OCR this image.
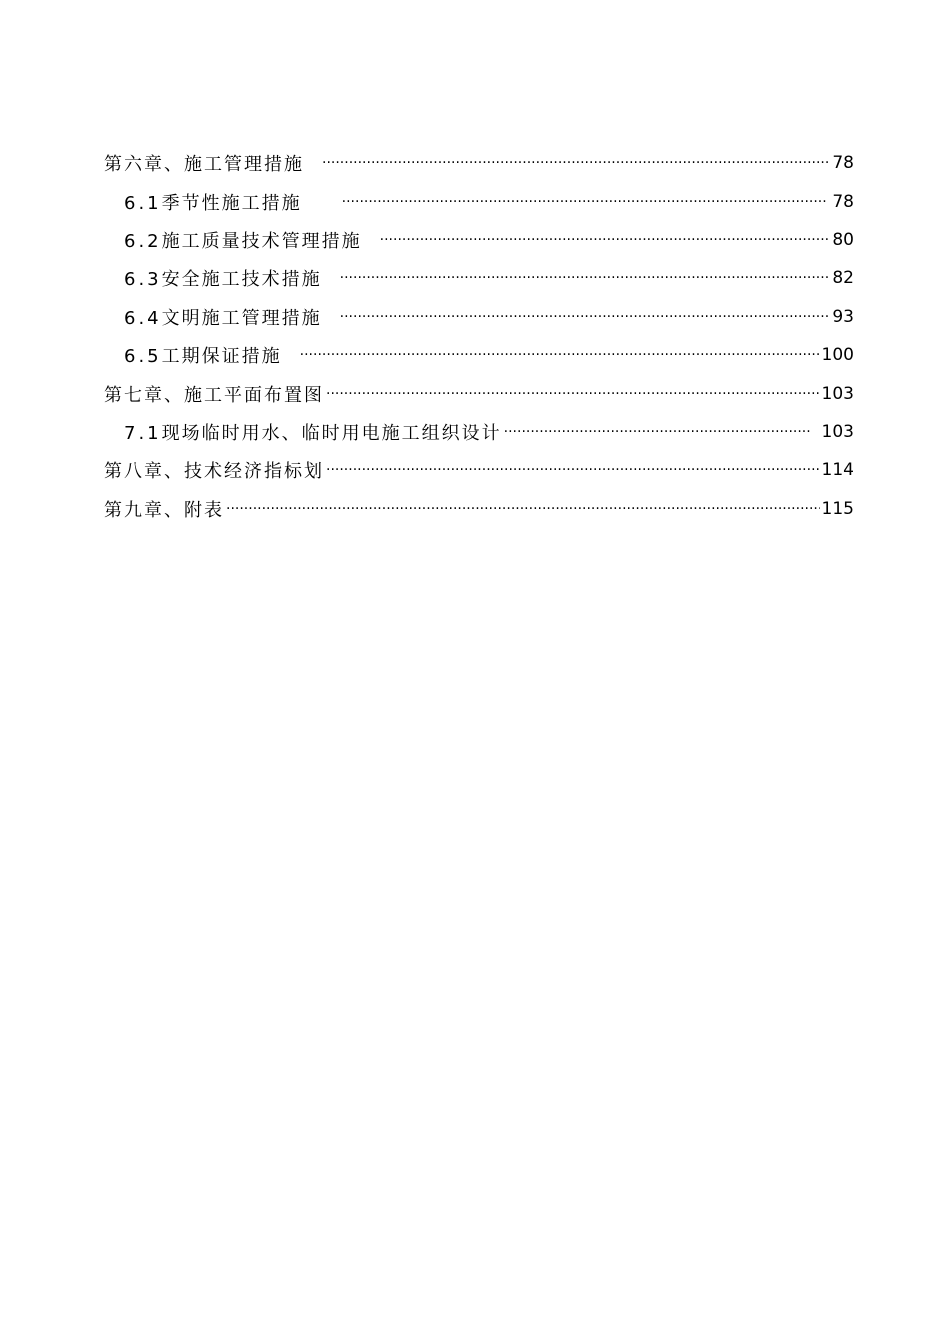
第六章、施工管理措施 ·····	78
6.1季节性施工措施 ·····	78
6.2施工质量技术管理措施 ·····	80
6.3安全施工技术措施 ·····	82
6.4文明施工管理措施 ·····	93
6.5工期保证措施 ·····	100
第七章、施工平面布置图 ·····	103
7.1现场临时用水、临时用电施工组织设计 ·····	103
第八章、技术经济指标划 ·····	114
第九章、附表 ·····	115
